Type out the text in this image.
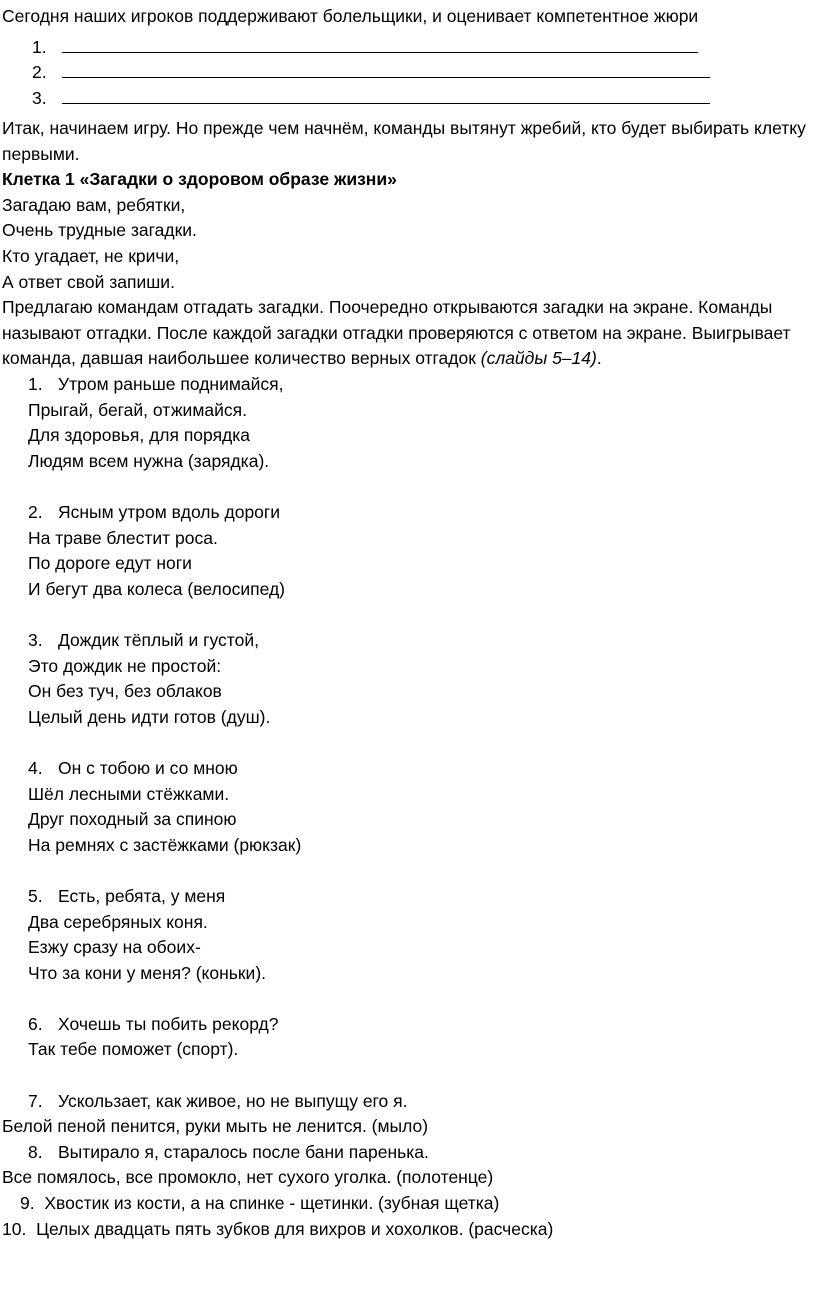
Сегодня наших игроков поддерживают болельщики, и оценивает компетентное жюри

1.
2.
3.

Итак, начинаем игру. Но прежде чем начнём, команды вытянут жребий, кто будет выбирать клетку первыми.

Клетка 1 «Загадки о здоровом образе жизни»

Загадаю вам, ребятки,

Очень трудные загадки.

Кто угадает, не кричи,

А ответ свой запиши.

Предлагаю командам отгадать загадки. Поочередно открываются загадки на экране. Команды называют отгадки. После каждой загадки отгадки проверяются с ответом на экране. Выигрывает команда, давшая наибольшее количество верных отгадок (слайды 5–14).

1. Утром раньше поднимайся,
Прыгай, бегай, отжимайся.
Для здоровья, для порядка
Людям всем нужна (зарядка).
2. Ясным утром вдоль дороги
На траве блестит роса.
По дороге едут ноги
И бегут два колеса (велосипед)
3. Дождик тёплый и густой,
Это дождик не простой:
Он без туч, без облаков
Целый день идти готов (душ).
4. Он с тобою и со мною
Шёл лесными стёжками.
Друг походный за спиною
На ремнях с застёжками (рюкзак)
5. Есть, ребята, у меня
Два серебряных коня.
Езжу сразу на обоих-
Что за кони у меня? (коньки).
6. Хочешь ты побить рекорд?
Так тебе поможет (спорт).
7. Ускользает, как живое, но не выпущу его я.
Белой пеной пенится, руки мыть не ленится. (мыло)
8. Вытирало я, старалось после бани паренька.
Все помялось, все промокло, нет сухого уголка. (полотенце)
9. Хвостик из кости, а на спинке - щетинки. (зубная щетка)
10. Целых двадцать пять зубков для вихров и хохолков. (расческа)
